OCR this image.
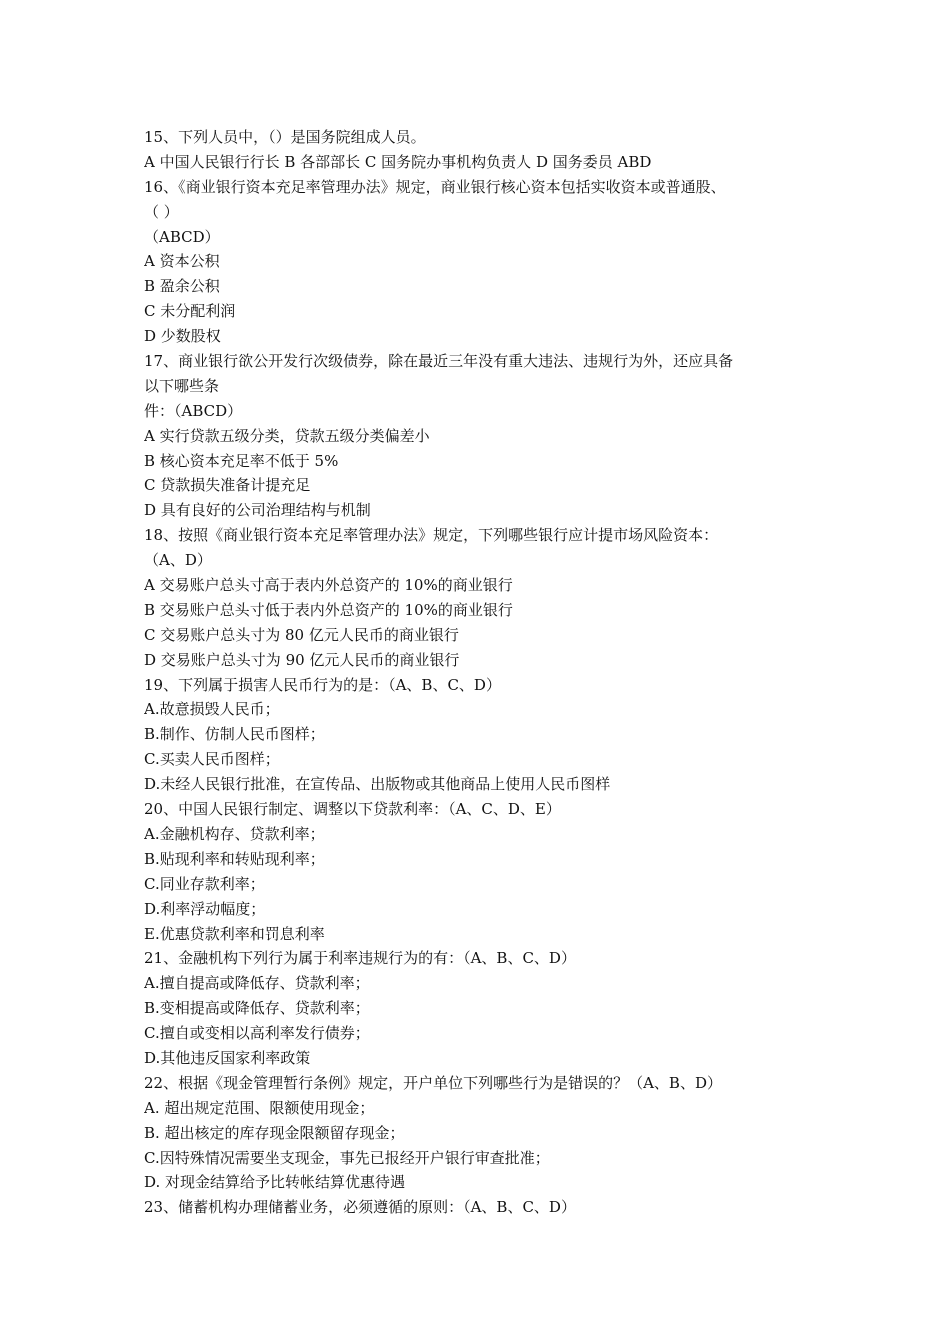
15、下列人员中，（）是国务院组成人员。
A 中国人民银行行长 B 各部部长 C 国务院办事机构负责人 D 国务委员 ABD
16、《商业银行资本充足率管理办法》规定，商业银行核心资本包括实收资本或普通股、
（ ）
（ABCD）
A 资本公积
B 盈余公积
C 未分配利润
D 少数股权
17、商业银行欲公开发行次级债券，除在最近三年没有重大违法、违规行为外，还应具备
以下哪些条
件：（ABCD）
A 实行贷款五级分类，贷款五级分类偏差小
B 核心资本充足率不低于 5%
C 贷款损失准备计提充足
D 具有良好的公司治理结构与机制
18、按照《商业银行资本充足率管理办法》规定，下列哪些银行应计提市场风险资本：
（A、D）
A 交易账户总头寸高于表内外总资产的 10%的商业银行
B 交易账户总头寸低于表内外总资产的 10%的商业银行
C 交易账户总头寸为 80 亿元人民币的商业银行
D 交易账户总头寸为 90 亿元人民币的商业银行
19、下列属于损害人民币行为的是：（A、B、C、D）
A.故意损毁人民币；
B.制作、仿制人民币图样；
C.买卖人民币图样；
D.未经人民银行批准，在宣传品、出版物或其他商品上使用人民币图样
20、中国人民银行制定、调整以下贷款利率：（A、C、D、E）
A.金融机构存、贷款利率；
B.贴现利率和转贴现利率；
C.同业存款利率；
D.利率浮动幅度；
E.优惠贷款利率和罚息利率
21、金融机构下列行为属于利率违规行为的有：（A、B、C、D）
A.擅自提高或降低存、贷款利率；
B.变相提高或降低存、贷款利率；
C.擅自或变相以高利率发行债券；
D.其他违反国家利率政策
22、根据《现金管理暂行条例》规定，开户单位下列哪些行为是错误的？（A、B、D）
A. 超出规定范围、限额使用现金；
B. 超出核定的库存现金限额留存现金；
C.因特殊情况需要坐支现金，事先已报经开户银行审查批准；
D. 对现金结算给予比转帐结算优惠待遇
23、储蓄机构办理储蓄业务，必须遵循的原则：（A、B、C、D）
